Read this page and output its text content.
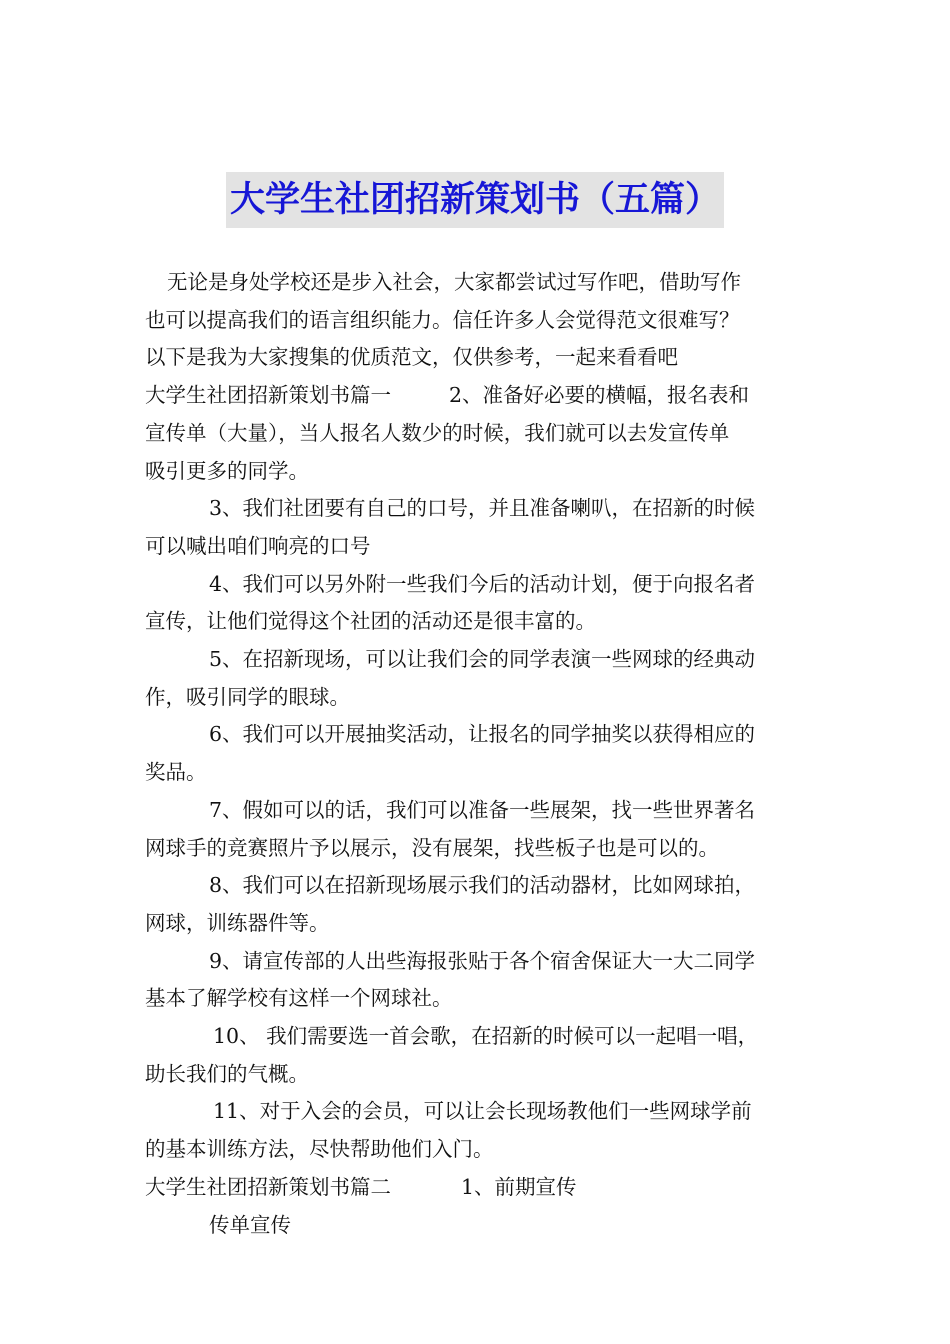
大学生社团招新策划书（五篇）

无论是身处学校还是步入社会，大家都尝试过写作吧，借助写作
也可以提高我们的语言组织能力。信任许多人会觉得范文很难写？
以下是我为大家搜集的优质范文，仅供参考，一起来看看吧

大学生社团招新策划书篇一	2、准备好必要的横幅，报名表和
宣传单（大量），当人报名人数少的时候，我们就可以去发宣传单
吸引更多的同学。

3、我们社团要有自己的口号，并且准备喇叭，在招新的时候
可以喊出咱们响亮的口号

4、我们可以另外附一些我们今后的活动计划，便于向报名者
宣传，让他们觉得这个社团的活动还是很丰富的。

5、在招新现场，可以让我们会的同学表演一些网球的经典动
作，吸引同学的眼球。

6、我们可以开展抽奖活动，让报名的同学抽奖以获得相应的
奖品。

7、假如可以的话，我们可以准备一些展架，找一些世界著名
网球手的竞赛照片予以展示，没有展架，找些板子也是可以的。

8、我们可以在招新现场展示我们的活动器材，比如网球拍，
网球，训练器件等。

9、请宣传部的人出些海报张贴于各个宿舍保证大一大二同学
基本了解学校有这样一个网球社。

10、 我们需要选一首会歌，在招新的时候可以一起唱一唱，
助长我们的气概。

11、对于入会的会员，可以让会长现场教他们一些网球学前
的基本训练方法，尽快帮助他们入门。

大学生社团招新策划书篇二	1、前期宣传
传单宣传
